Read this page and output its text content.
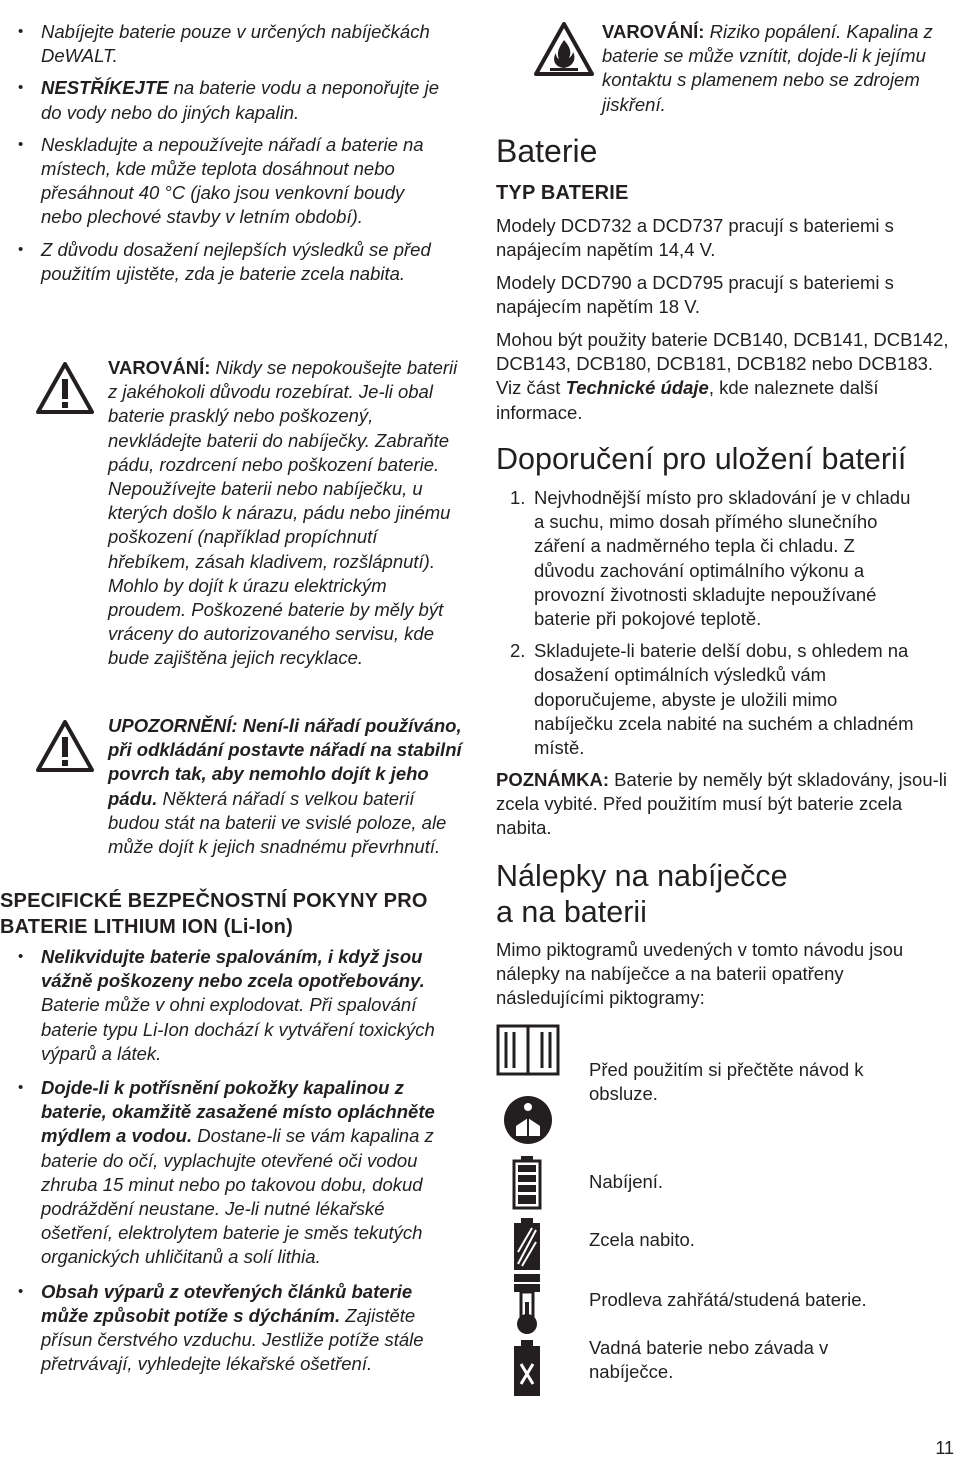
• Nabíjejte baterie pouze v určených nabíječkách DeWALT.
• NESTŘÍKEJTE na baterie vodu a neponořujte je do vody nebo do jiných kapalin.
• Neskladujte a nepoužívejte nářadí a baterie na místech, kde může teplota dosáhnout nebo přesáhnout 40 °C (jako jsou venkovní boudy nebo plechové stavby v letním období).
• Z důvodu dosažení nejlepších výsledků se před použitím ujistěte, zda je baterie zcela nabita.
VAROVÁNÍ: Nikdy se nepokoušejte baterii z jakéhokoli důvodu rozebírat. Je-li obal baterie prasklý nebo poškozený, nevkládejte baterii do nabíječky. Zabraňte pádu, rozdrcení nebo poškození baterie. Nepoužívejte baterii nebo nabíječku, u kterých došlo k nárazu, pádu nebo jinému poškození (například propíchnutí hřebíkem, zásah kladivem, rozšlápnutí). Mohlo by dojít k úrazu elektrickým proudem. Poškozené baterie by měly být vráceny do autorizovaného servisu, kde bude zajištěna jejich recyklace.
UPOZORNĚNÍ: Není-li nářadí používáno, při odkládání postavte nářadí na stabilní povrch tak, aby nemohlo dojít k jeho pádu. Některá nářadí s velkou baterií budou stát na baterii ve svislé poloze, ale může dojít k jejich snadnému převrhnutí.
SPECIFICKÉ BEZPEČNOSTNÍ POKYNY PRO BATERIE LITHIUM ION (Li-Ion)
• Nelikvidujte baterie spalováním, i když jsou vážně poškozeny nebo zcela opotřebovány. Baterie může v ohni explodovat. Při spalování baterie typu Li-Ion dochází k vytváření toxických výparů a látek.
• Dojde-li k potřísnění pokožky kapalinou z baterie, okamžitě zasažené místo opláchněte mýdlem a vodou. Dostane-li se vám kapalina z baterie do očí, vyplachujte otevřené oči vodou zhruba 15 minut nebo po takovou dobu, dokud podráždění neustane. Je-li nutné lékařské ošetření, elektrolytem baterie je směs tekutých organických uhličitanů a solí lithia.
• Obsah výparů z otevřených článků baterie může způsobit potíže s dýcháním. Zajistěte přísun čerstvého vzduchu. Jestliže potíže stále přetrvávají, vyhledejte lékařské ošetření.
VAROVÁNÍ: Riziko popálení. Kapalina z baterie se může vznítit, dojde-li k jejímu kontaktu s plamenem nebo se zdrojem jiskření.
Baterie
TYP BATERIE

Modely DCD732 a DCD737 pracují s bateriemi s napájecím napětím 14,4 V.

Modely DCD790 a DCD795 pracují s bateriemi s napájecím napětím 18 V.

Mohou být použity baterie DCB140, DCB141, DCB142, DCB143, DCB180, DCB181, DCB182 nebo DCB183. Viz část Technické údaje, kde naleznete další informace.

Doporučení pro uložení baterií
1. Nejvhodnější místo pro skladování je v chladu a suchu, mimo dosah přímého slunečního záření a nadměrného tepla či chladu. Z důvodu zachování optimálního výkonu a provozní životnosti skladujte nepoužívané baterie při pokojové teplotě.
2. Skladujete-li baterie delší dobu, s ohledem na dosažení optimálních výsledků vám doporučujeme, abyste je uložili mimo nabíječku zcela nabité na suchém a chladném místě.

POZNÁMKA: Baterie by neměly být skladovány, jsou-li zcela vybité. Před použitím musí být baterie zcela nabita.

Nálepky na nabíječce
a na baterii

Mimo piktogramů uvedených v tomto návodu jsou nálepky na nabíječce a na baterii opatřeny následujícími piktogramy:

Před použitím si přečtěte návod k obsluze.
Nabíjení.
Zcela nabito.
Prodleva zahřátá/studená baterie.
Vadná baterie nebo závada v nabíječce.
11
